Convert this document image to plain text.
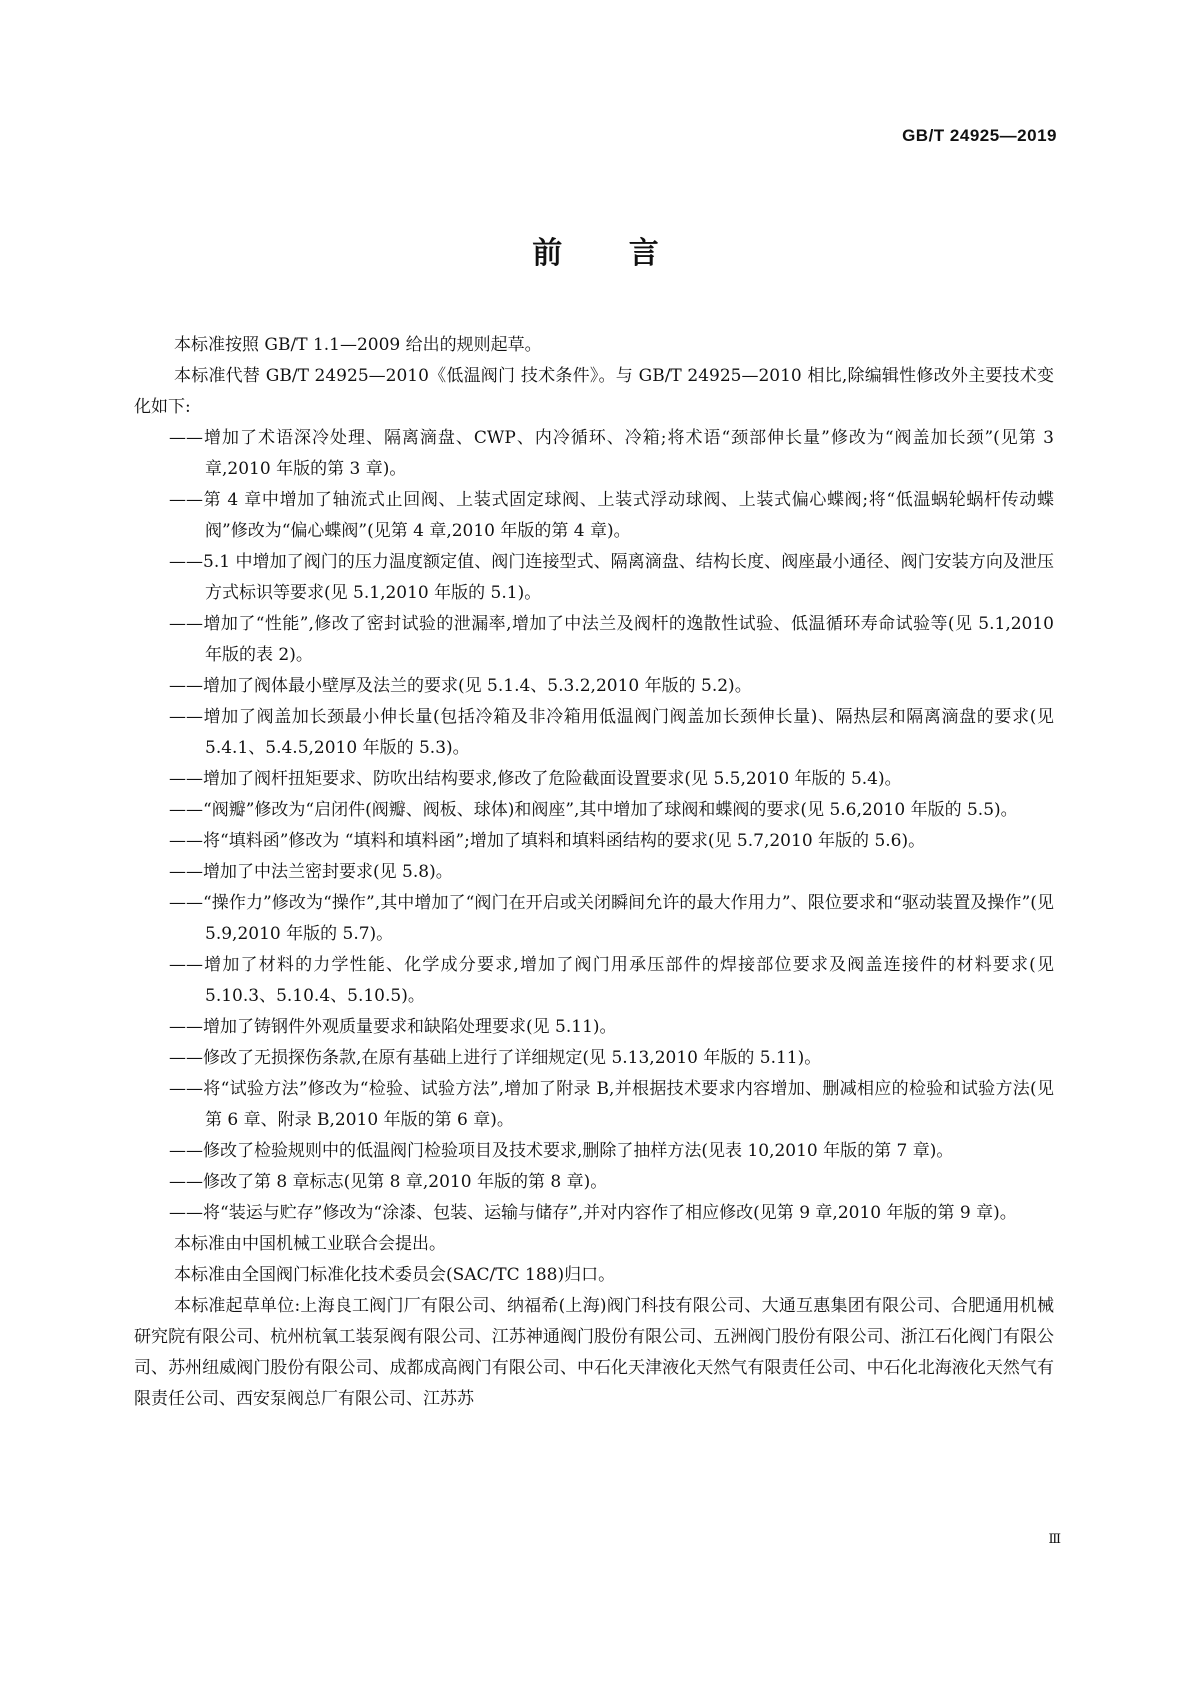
GB/T 24925—2019
前 言

本标准按照 GB/T 1.1—2009 给出的规则起草。

本标准代替 GB/T 24925—2010《低温阀门 技术条件》。与 GB/T 24925—2010 相比,除编辑性修改外主要技术变化如下:

——增加了术语深冷处理、隔离滴盘、CWP、内冷循环、冷箱;将术语“颈部伸长量”修改为“阀盖加长颈”(见第 3 章,2010 年版的第 3 章)。

——第 4 章中增加了轴流式止回阀、上装式固定球阀、上装式浮动球阀、上装式偏心蝶阀;将“低温蜗轮蜗杆传动蝶阀”修改为“偏心蝶阀”(见第 4 章,2010 年版的第 4 章)。

——5.1 中增加了阀门的压力温度额定值、阀门连接型式、隔离滴盘、结构长度、阀座最小通径、阀门安装方向及泄压方式标识等要求(见 5.1,2010 年版的 5.1)。

——增加了“性能”,修改了密封试验的泄漏率,增加了中法兰及阀杆的逸散性试验、低温循环寿命试验等(见 5.1,2010 年版的表 2)。

——增加了阀体最小壁厚及法兰的要求(见 5.1.4、5.3.2,2010 年版的 5.2)。

——增加了阀盖加长颈最小伸长量(包括冷箱及非冷箱用低温阀门阀盖加长颈伸长量)、隔热层和隔离滴盘的要求(见 5.4.1、5.4.5,2010 年版的 5.3)。

——增加了阀杆扭矩要求、防吹出结构要求,修改了危险截面设置要求(见 5.5,2010 年版的 5.4)。

——“阀瓣”修改为“启闭件(阀瓣、阀板、球体)和阀座”,其中增加了球阀和蝶阀的要求(见 5.6,2010 年版的 5.5)。

——将“填料函”修改为 “填料和填料函”;增加了填料和填料函结构的要求(见 5.7,2010 年版的 5.6)。

——增加了中法兰密封要求(见 5.8)。

——“操作力”修改为“操作”,其中增加了“阀门在开启或关闭瞬间允许的最大作用力”、限位要求和“驱动装置及操作”(见 5.9,2010 年版的 5.7)。

——增加了材料的力学性能、化学成分要求,增加了阀门用承压部件的焊接部位要求及阀盖连接件的材料要求(见 5.10.3、5.10.4、5.10.5)。

——增加了铸钢件外观质量要求和缺陷处理要求(见 5.11)。

——修改了无损探伤条款,在原有基础上进行了详细规定(见 5.13,2010 年版的 5.11)。

——将“试验方法”修改为“检验、试验方法”,增加了附录 B,并根据技术要求内容增加、删减相应的检验和试验方法(见第 6 章、附录 B,2010 年版的第 6 章)。

——修改了检验规则中的低温阀门检验项目及技术要求,删除了抽样方法(见表 10,2010 年版的第 7 章)。

——修改了第 8 章标志(见第 8 章,2010 年版的第 8 章)。

——将“装运与贮存”修改为“涂漆、包装、运输与储存”,并对内容作了相应修改(见第 9 章,2010 年版的第 9 章)。

本标准由中国机械工业联合会提出。

本标准由全国阀门标准化技术委员会(SAC/TC 188)归口。

本标准起草单位:上海良工阀门厂有限公司、纳福希(上海)阀门科技有限公司、大通互惠集团有限公司、合肥通用机械研究院有限公司、杭州杭氧工装泵阀有限公司、江苏神通阀门股份有限公司、五洲阀门股份有限公司、浙江石化阀门有限公司、苏州纽威阀门股份有限公司、成都成高阀门有限公司、中石化天津液化天然气有限责任公司、中石化北海液化天然气有限责任公司、西安泵阀总厂有限公司、江苏苏

Ⅲ
